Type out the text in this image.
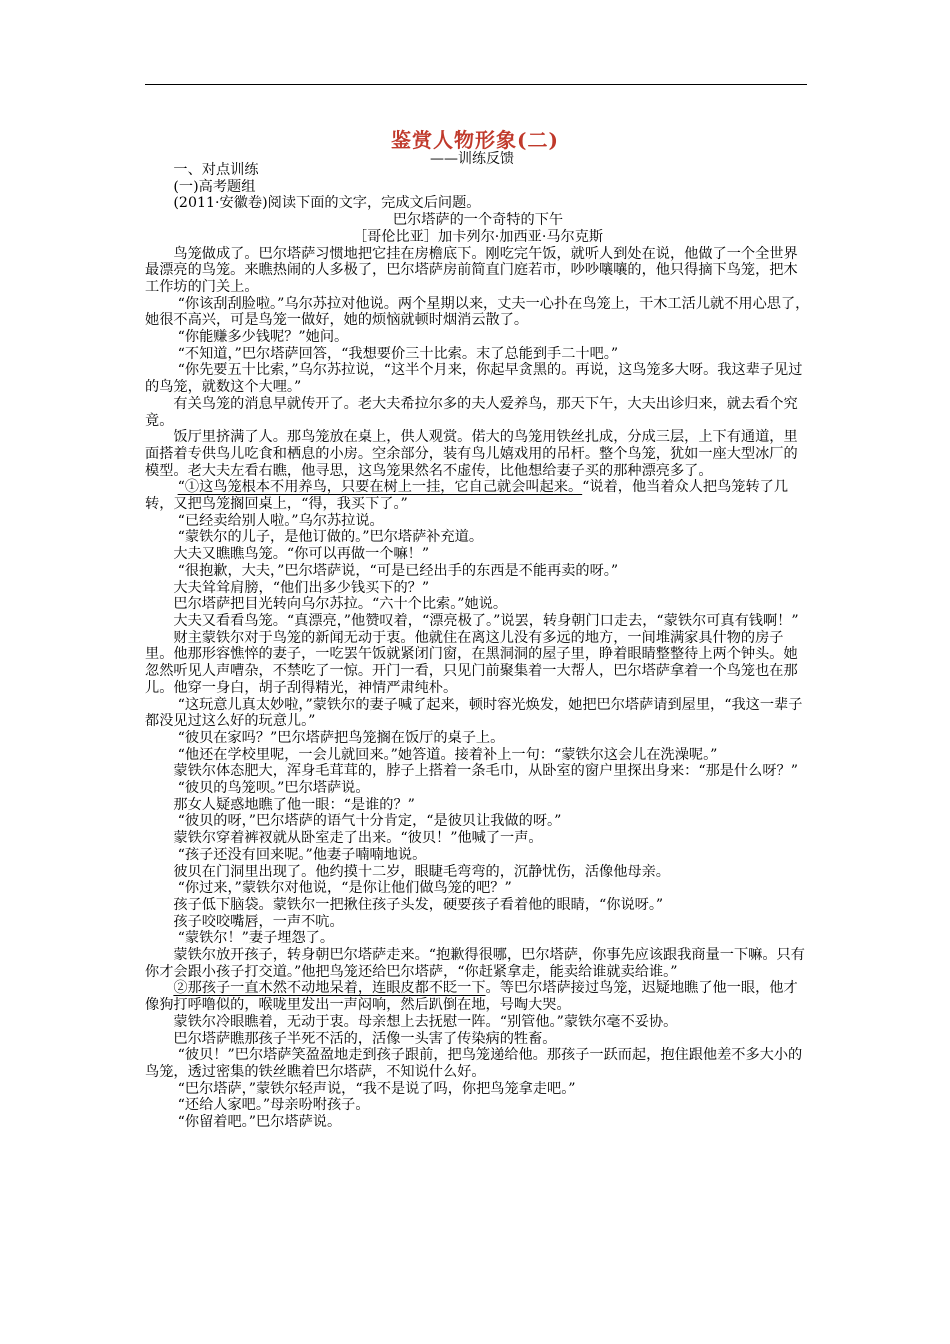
鉴赏人物形象(二)
——训练反馈

一、对点训练

(一)高考题组

(2011·安徽卷)阅读下面的文字，完成文后问题。

巴尔塔萨的一个奇特的下午

［哥伦比亚］加卡列尔·加西亚·马尔克斯

鸟笼做成了。巴尔塔萨习惯地把它挂在房檐底下。刚吃完午饭，就听人到处在说，他做了一个全世界最漂亮的鸟笼。来瞧热闹的人多极了，巴尔塔萨房前简直门庭若市，吵吵嚷嚷的，他只得摘下鸟笼，把木工作坊的门关上。

“你该刮刮脸啦。”乌尔苏拉对他说。两个星期以来，丈夫一心扑在鸟笼上，干木工活儿就不用心思了，她很不高兴，可是鸟笼一做好，她的烦恼就顿时烟消云散了。

“你能赚多少钱呢？”她问。

“不知道，”巴尔塔萨回答，“我想要价三十比索。末了总能到手二十吧。”

“你先要五十比索，”乌尔苏拉说，“这半个月来，你起早贪黑的。再说，这鸟笼多大呀。我这辈子见过的鸟笼，就数这个大哩。”

有关鸟笼的消息早就传开了。老大夫希拉尔多的夫人爱养鸟，那天下午，大夫出诊归来，就去看个究竟。

饭厅里挤满了人。那鸟笼放在桌上，供人观赏。偌大的鸟笼用铁丝扎成，分成三层，上下有通道，里面搭着专供鸟儿吃食和栖息的小房。空余部分，装有鸟儿嬉戏用的吊杆。整个鸟笼，犹如一座大型冰厂的模型。老大夫左看右瞧，他寻思，这鸟笼果然名不虚传，比他想给妻子买的那种漂亮多了。

“①这鸟笼根本不用养鸟，只要在树上一挂，它自己就会叫起来。“说着，他当着众人把鸟笼转了几转，又把鸟笼搁回桌上，“得，我买下了。”

“已经卖给别人啦。”乌尔苏拉说。

“蒙铁尔的儿子，是他订做的。”巴尔塔萨补充道。

大夫又瞧瞧鸟笼。“你可以再做一个嘛！”

“很抱歉，大夫，”巴尔塔萨说，“可是已经出手的东西是不能再卖的呀。”

大夫耸耸肩膀，“他们出多少钱买下的？”

巴尔塔萨把目光转向乌尔苏拉。“六十个比索。”她说。

大夫又看看鸟笼。“真漂亮，”他赞叹着，“漂亮极了。”说罢，转身朝门口走去，“蒙铁尔可真有钱啊！”

财主蒙铁尔对于鸟笼的新闻无动于衷。他就住在离这儿没有多远的地方，一间堆满家具什物的房子里。他那形容憔悴的妻子，一吃罢午饭就紧闭门窗，在黑洞洞的屋子里，睁着眼睛整整待上两个钟头。她忽然听见人声嘈杂，不禁吃了一惊。开门一看，只见门前聚集着一大帮人，巴尔塔萨拿着一个鸟笼也在那儿。他穿一身白，胡子刮得精光，神情严肃纯朴。

“这玩意儿真太妙啦，”蒙铁尔的妻子喊了起来，顿时容光焕发，她把巴尔塔萨请到屋里，“我这一辈子都没见过这么好的玩意儿。”

“彼贝在家吗？”巴尔塔萨把鸟笼搁在饭厅的桌子上。

“他还在学校里呢，一会儿就回来。”她答道。接着补上一句：“蒙铁尔这会儿在洗澡呢。”

蒙铁尔体态肥大，浑身毛茸茸的，脖子上搭着一条毛巾，从卧室的窗户里探出身来：“那是什么呀？”

“彼贝的鸟笼呗。”巴尔塔萨说。

那女人疑惑地瞧了他一眼：“是谁的？”

“彼贝的呀，”巴尔塔萨的语气十分肯定，“是彼贝让我做的呀。”

蒙铁尔穿着裤衩就从卧室走了出来。“彼贝！”他喊了一声。

“孩子还没有回来呢。”他妻子喃喃地说。

彼贝在门洞里出现了。他约摸十二岁，眼睫毛弯弯的，沉静忧伤，活像他母亲。

“你过来，”蒙铁尔对他说，“是你让他们做鸟笼的吧？”

孩子低下脑袋。蒙铁尔一把揪住孩子头发，硬要孩子看着他的眼睛，“你说呀。”

孩子咬咬嘴唇，一声不吭。

“蒙铁尔！”妻子埋怨了。

蒙铁尔放开孩子，转身朝巴尔塔萨走来。“抱歉得很哪，巴尔塔萨，你事先应该跟我商量一下嘛。只有你才会跟小孩子打交道。”他把鸟笼还给巴尔塔萨，“你赶紧拿走，能卖给谁就卖给谁。”

②那孩子一直木然不动地呆着，连眼皮都不眨一下。等巴尔塔萨接过鸟笼，迟疑地瞧了他一眼，他才像狗打呼噜似的，喉咙里发出一声闷响，然后趴倒在地，号啕大哭。

蒙铁尔冷眼瞧着，无动于衷。母亲想上去抚慰一阵。“别管他。”蒙铁尔毫不妥协。

巴尔塔萨瞧那孩子半死不活的，活像一头害了传染病的牲畜。

“彼贝！”巴尔塔萨笑盈盈地走到孩子跟前，把鸟笼递给他。那孩子一跃而起，抱住跟他差不多大小的鸟笼，透过密集的铁丝瞧着巴尔塔萨，不知说什么好。

“巴尔塔萨，”蒙铁尔轻声说，“我不是说了吗，你把鸟笼拿走吧。”

“还给人家吧。”母亲吩咐孩子。

“你留着吧。”巴尔塔萨说。
